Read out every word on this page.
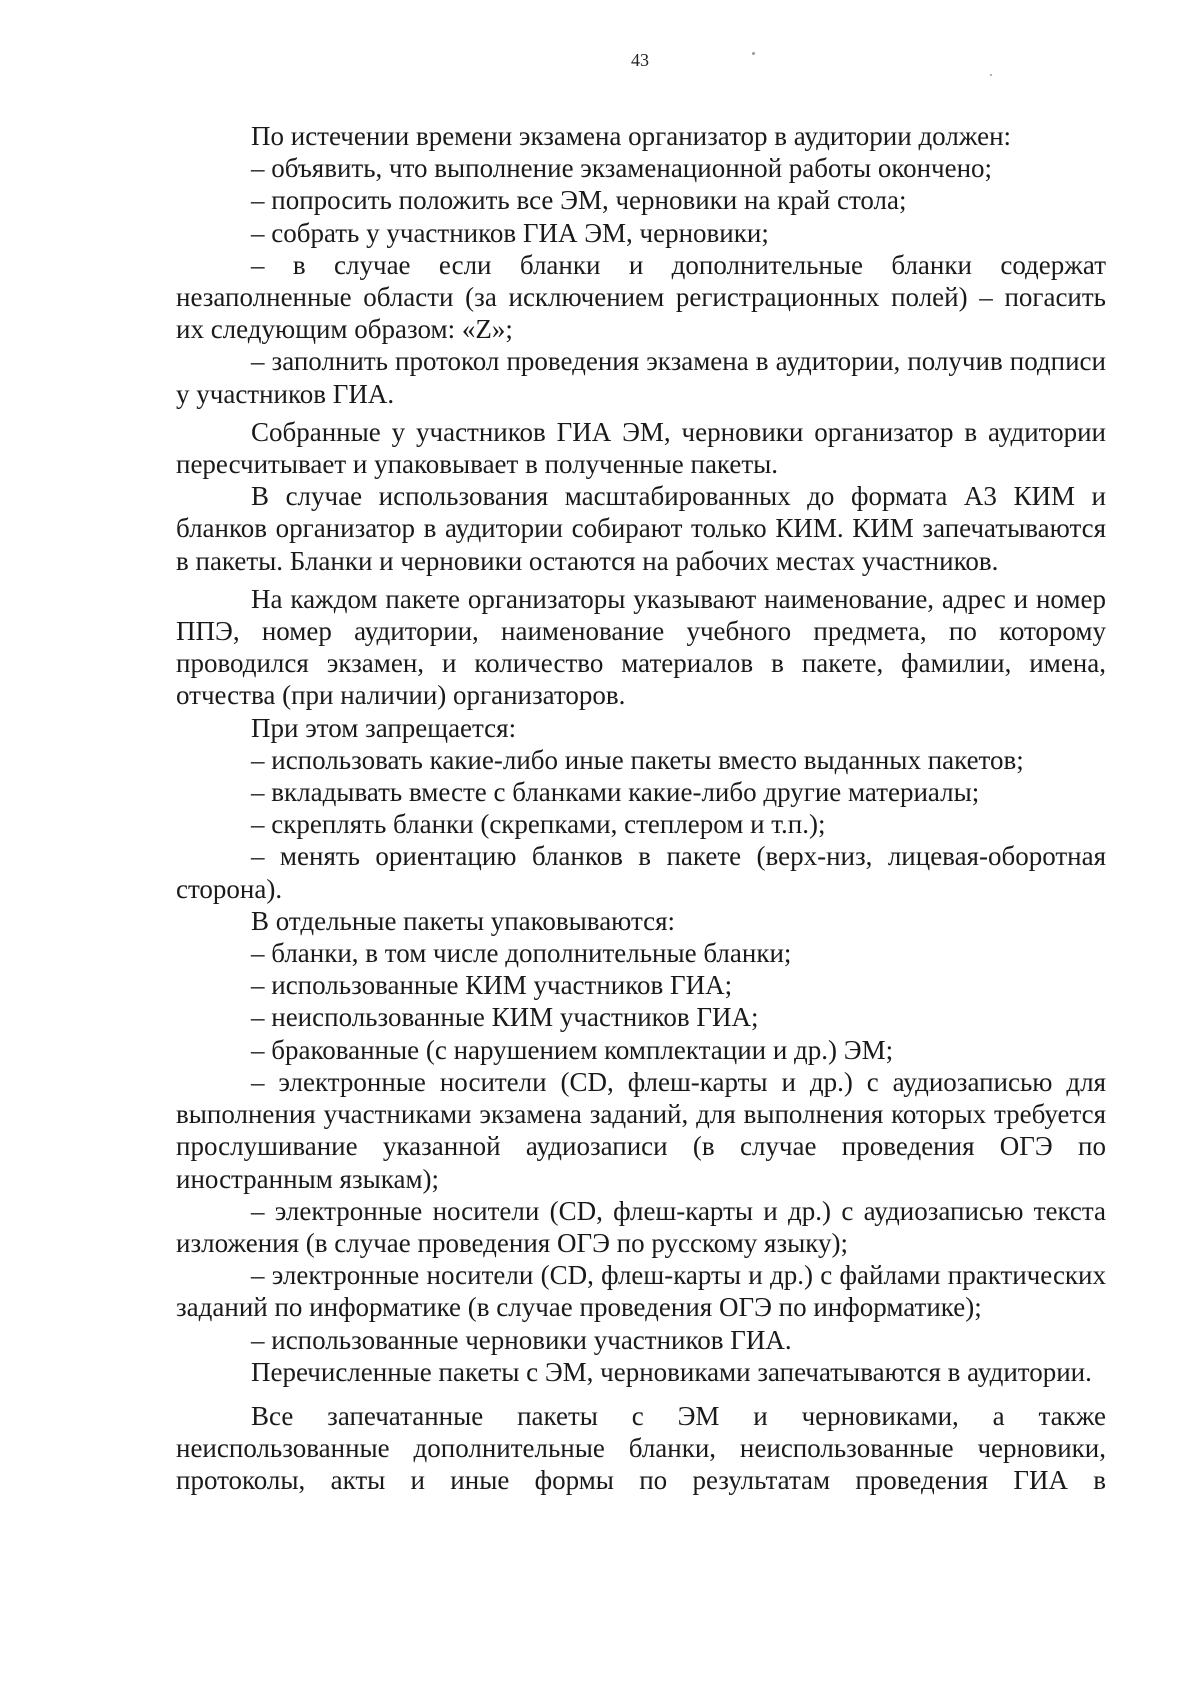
43

По истечении времени экзамена организатор в аудитории должен:

– объявить, что выполнение экзаменационной работы окончено;

– попросить положить все ЭМ, черновики на край стола;

– собрать у участников ГИА ЭМ, черновики;

– в случае если бланки и дополнительные бланки содержат незаполненные области (за исключением регистрационных полей) – погасить их следующим образом: «Z»;

– заполнить протокол проведения экзамена в аудитории, получив подписи у участников ГИА.

Собранные у участников ГИА ЭМ, черновики организатор в аудитории пересчитывает и упаковывает в полученные пакеты.

В случае использования масштабированных до формата А3 КИМ и бланков организатор в аудитории собирают только КИМ. КИМ запечатываются в пакеты. Бланки и черновики остаются на рабочих местах участников.

На каждом пакете организаторы указывают наименование, адрес и номер ППЭ, номер аудитории, наименование учебного предмета, по которому проводился экзамен, и количество материалов в пакете, фамилии, имена, отчества (при наличии) организаторов.

При этом запрещается:

– использовать какие-либо иные пакеты вместо выданных пакетов;

– вкладывать вместе с бланками какие-либо другие материалы;

– скреплять бланки (скрепками, степлером и т.п.);

– менять ориентацию бланков в пакете (верх-низ, лицевая-оборотная сторона).

В отдельные пакеты упаковываются:

– бланки, в том числе дополнительные бланки;

– использованные КИМ участников ГИА;

– неиспользованные КИМ участников ГИА;

– бракованные (с нарушением комплектации и др.) ЭМ;

– электронные носители (CD, флеш-карты и др.) с аудиозаписью для выполнения участниками экзамена заданий, для выполнения которых требуется прослушивание указанной аудиозаписи (в случае проведения ОГЭ по иностранным языкам);

– электронные носители (CD, флеш-карты и др.) с аудиозаписью текста изложения (в случае проведения ОГЭ по русскому языку);

– электронные носители (CD, флеш-карты и др.) с файлами практических заданий по информатике (в случае проведения ОГЭ по информатике);

– использованные черновики участников ГИА.

Перечисленные пакеты с ЭМ, черновиками запечатываются в аудитории.

Все запечатанные пакеты с ЭМ и черновиками, а также неиспользованные дополнительные бланки, неиспользованные черновики, протоколы, акты и иные формы по результатам проведения ГИА в
